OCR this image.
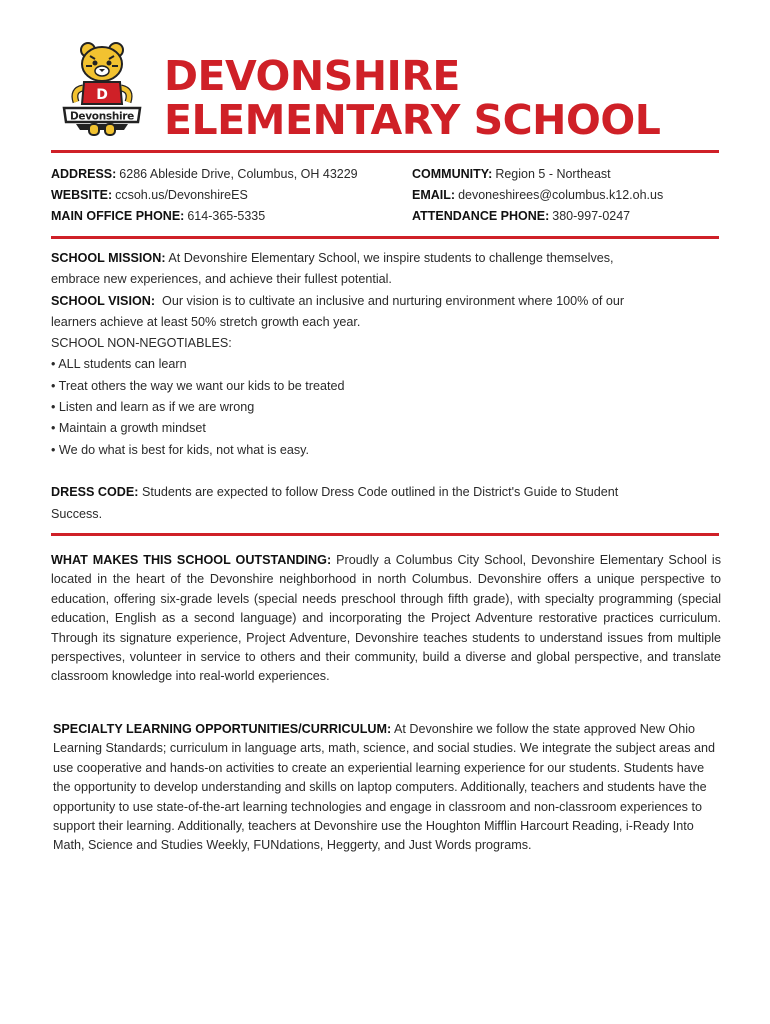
D
Devonshire
DEVONSHIRE
ELEMENTARY SCHOOL
ADDRESS: 6286 Ableside Drive, Columbus, OH 43229
WEBSITE: ccsoh.us/DevonshireES
MAIN OFFICE PHONE: 614-365-5335
COMMUNITY: Region 5 - Northeast
EMAIL: devoneshirees@columbus.k12.oh.us
ATTENDANCE PHONE: 380-997-0247

SCHOOL MISSION: At Devonshire Elementary School, we inspire students to challenge themselves,

embrace new experiences, and achieve their fullest potential.

SCHOOL VISION: Our vision is to cultivate an inclusive and nurturing environment where 100% of our

learners achieve at least 50% stretch growth each year.

SCHOOL NON-NEGOTIABLES:

• ALL students can learn

• Treat others the way we want our kids to be treated

• Listen and learn as if we are wrong

• Maintain a growth mindset

• We do what is best for kids, not what is easy.

DRESS CODE: Students are expected to follow Dress Code outlined in the District's Guide to Student

Success.

WHAT MAKES THIS SCHOOL OUTSTANDING: Proudly a Columbus City School, Devonshire Elementary School is located in the heart of the Devonshire neighborhood in north Columbus. Devonshire offers a unique perspective to education, offering six-grade levels (special needs preschool through fifth grade), with specialty programming (special education, English as a second language) and incorporating the Project Adventure restorative practices curriculum. Through its signature experience, Project Adventure, Devonshire teaches students to understand issues from multiple perspectives, volunteer in service to others and their community, build a diverse and global perspective, and translate classroom knowledge into real-world experiences.

SPECIALTY LEARNING OPPORTUNITIES/CURRICULUM: At Devonshire we follow the state approved New Ohio Learning Standards; curriculum in language arts, math, science, and social studies. We integrate the subject areas and use cooperative and hands-on activities to create an experiential learning experience for our students. Students have the opportunity to develop understanding and skills on laptop computers. Additionally, teachers and students have the opportunity to use state-of-the-art learning technologies and engage in classroom and non-classroom experiences to support their learning. Additionally, teachers at Devonshire use the Houghton Mifflin Harcourt Reading, i-Ready Into Math, Science and Studies Weekly, FUNdations, Heggerty, and Just Words programs.
